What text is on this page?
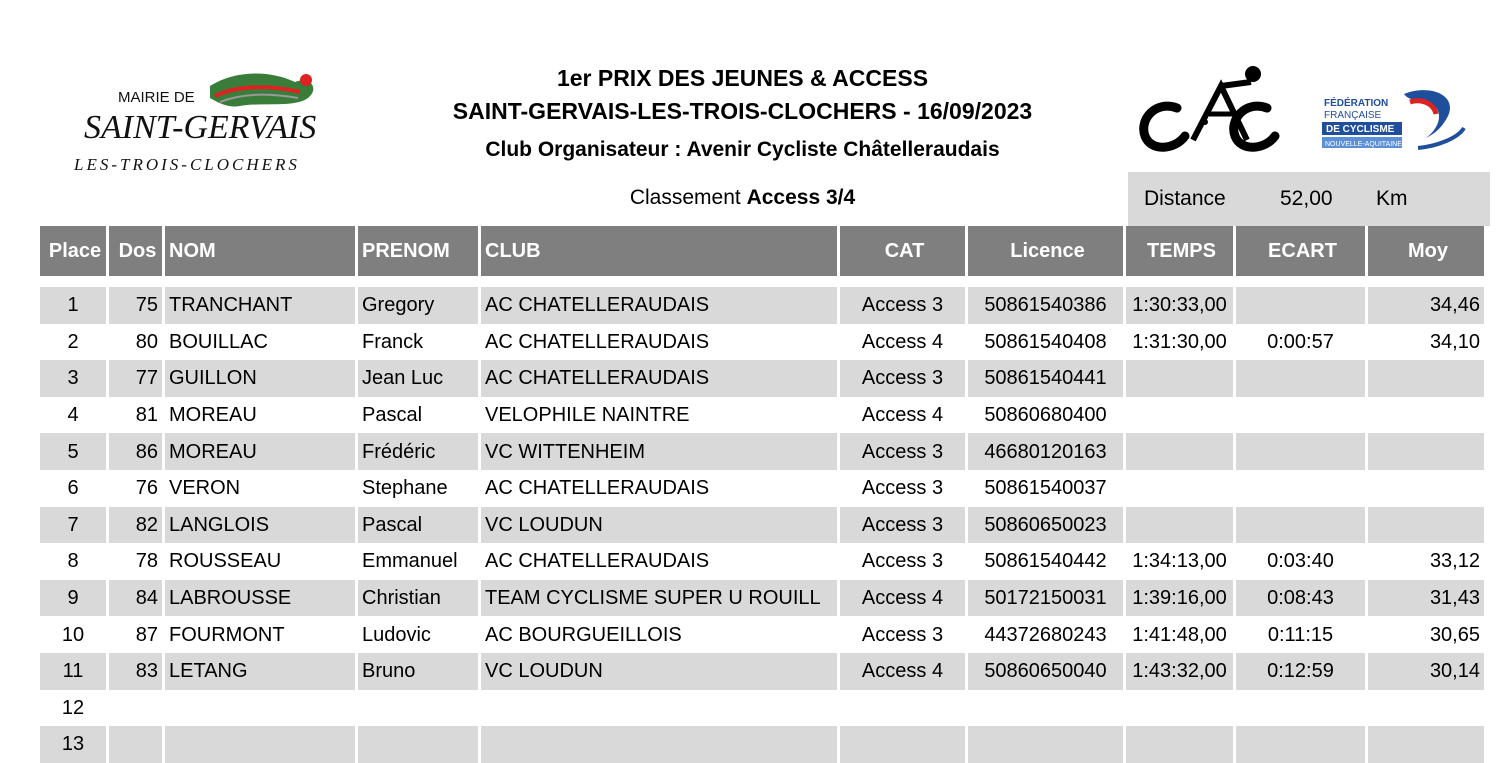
MAIRIE DE
SAINT-GERVAIS
LES-TROIS-CLOCHERS
1er PRIX DES JEUNES & ACCESS
SAINT-GERVAIS-LES-TROIS-CLOCHERS - 16/09/2023
Club Organisateur : Avenir Cycliste Châtelleraudais
FÉDÉRATION
FRANÇAISE
DE CYCLISME
NOUVELLE-AQUITAINE
Classement Access 3/4	Distance	52,00 Km
Place	Dos	NOM	PRENOM	CLUB	CAT	Licence	TEMPS	ECART	Moy
1	75	TRANCHANT	Gregory	AC CHATELLERAUDAIS	Access 3	50861540386	1:30:33,00		34,46
2	80	BOUILLAC	Franck	AC CHATELLERAUDAIS	Access 4	50861540408	1:31:30,00	0:00:57	34,10
3	77	GUILLON	Jean Luc	AC CHATELLERAUDAIS	Access 3	50861540441			
4	81	MOREAU	Pascal	VELOPHILE NAINTRE	Access 4	50860680400			
5	86	MOREAU	Frédéric	VC WITTENHEIM	Access 3	46680120163			
6	76	VERON	Stephane	AC CHATELLERAUDAIS	Access 3	50861540037			
7	82	LANGLOIS	Pascal	VC LOUDUN	Access 3	50860650023			
8	78	ROUSSEAU	Emmanuel	AC CHATELLERAUDAIS	Access 3	50861540442	1:34:13,00	0:03:40	33,12
9	84	LABROUSSE	Christian	TEAM CYCLISME SUPER U ROUILL	Access 4	50172150031	1:39:16,00	0:08:43	31,43
10	87	FOURMONT	Ludovic	AC BOURGUEILLOIS	Access 3	44372680243	1:41:48,00	0:11:15	30,65
11	83	LETANG	Bruno	VC LOUDUN	Access 4	50860650040	1:43:32,00	0:12:59	30,14
12									
13									
